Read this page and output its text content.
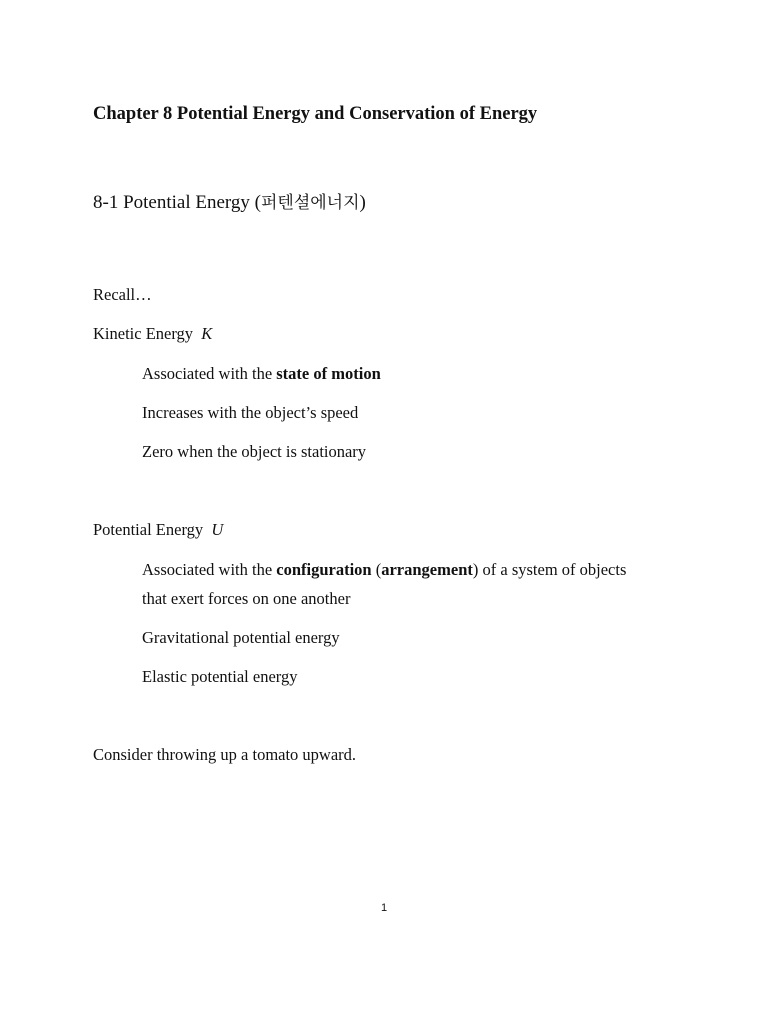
Chapter 8 Potential Energy and Conservation of Energy
8-1 Potential Energy (퍼텐셜에너지)
Recall…
Kinetic Energy K
Associated with the state of motion
Increases with the object’s speed
Zero when the object is stationary
Potential Energy U
Associated with the configuration (arrangement) of a system of objects
that exert forces on one another
Gravitational potential energy
Elastic potential energy
Consider throwing up a tomato upward.
1
